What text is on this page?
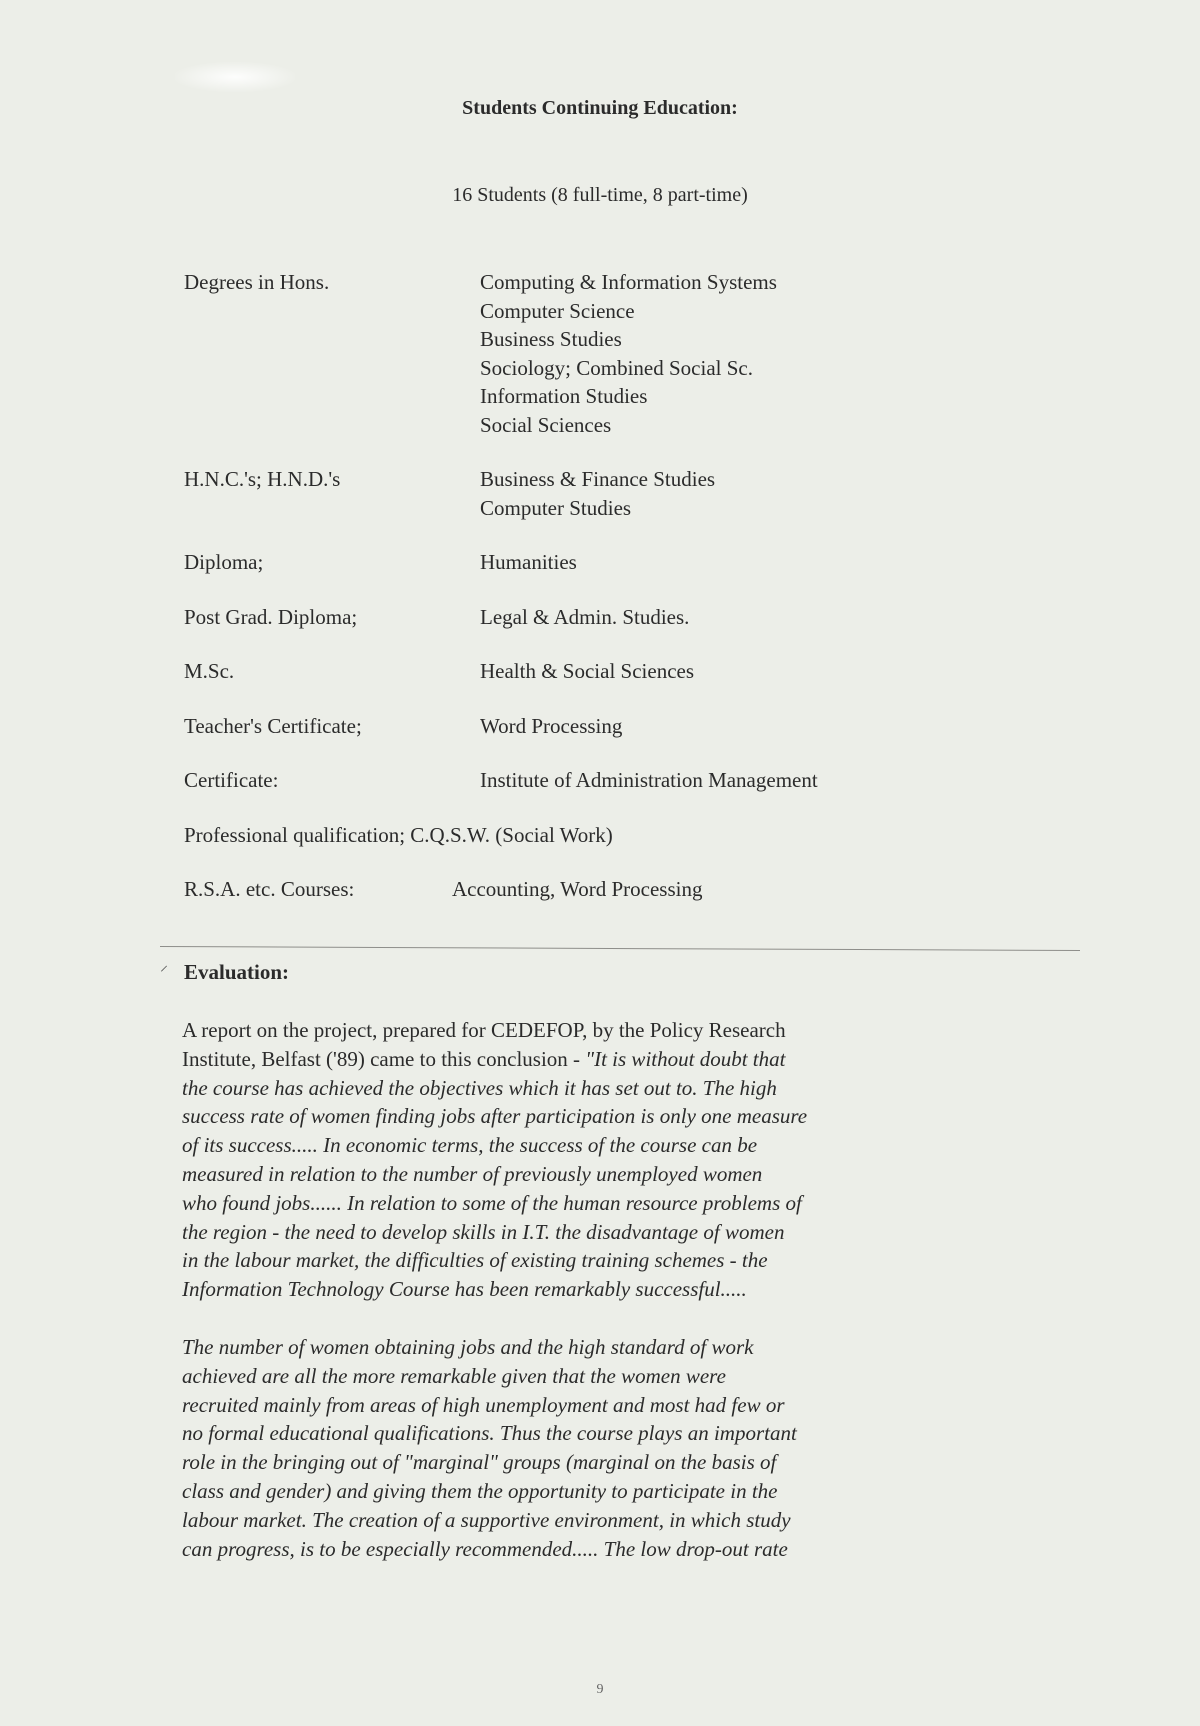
Students Continuing Education:
16 Students (8 full-time, 8 part-time)
Degrees in Hons.	Computing & Information Systems
Computer Science
Business Studies
Sociology; Combined Social Sc.
Information Studies
Social Sciences
H.N.C.'s; H.N.D.'s	Business & Finance Studies
Computer Studies
Diploma;	Humanities
Post Grad. Diploma;	Legal & Admin. Studies.
M.Sc.	Health & Social Sciences
Teacher's Certificate;	Word Processing
Certificate:	Institute of Administration Management
Professional qualification; C.Q.S.W. (Social Work)
R.S.A. etc. Courses:	Accounting, Word Processing
⸍ Evaluation:
A report on the project, prepared for CEDEFOP, by the Policy Research
Institute, Belfast ('89) came to this conclusion - "It is without doubt that
the course has achieved the objectives which it has set out to. The high
success rate of women finding jobs after participation is only one measure
of its success..... In economic terms, the success of the course can be
measured in relation to the number of previously unemployed women
who found jobs...... In relation to some of the human resource problems of
the region - the need to develop skills in I.T. the disadvantage of women
in the labour market, the difficulties of existing training schemes - the
Information Technology Course has been remarkably successful.....
The number of women obtaining jobs and the high standard of work
achieved are all the more remarkable given that the women were
recruited mainly from areas of high unemployment and most had few or
no formal educational qualifications. Thus the course plays an important
role in the bringing out of "marginal" groups (marginal on the basis of
class and gender) and giving them the opportunity to participate in the
labour market. The creation of a supportive environment, in which study
can progress, is to be especially recommended..... The low drop-out rate
9
